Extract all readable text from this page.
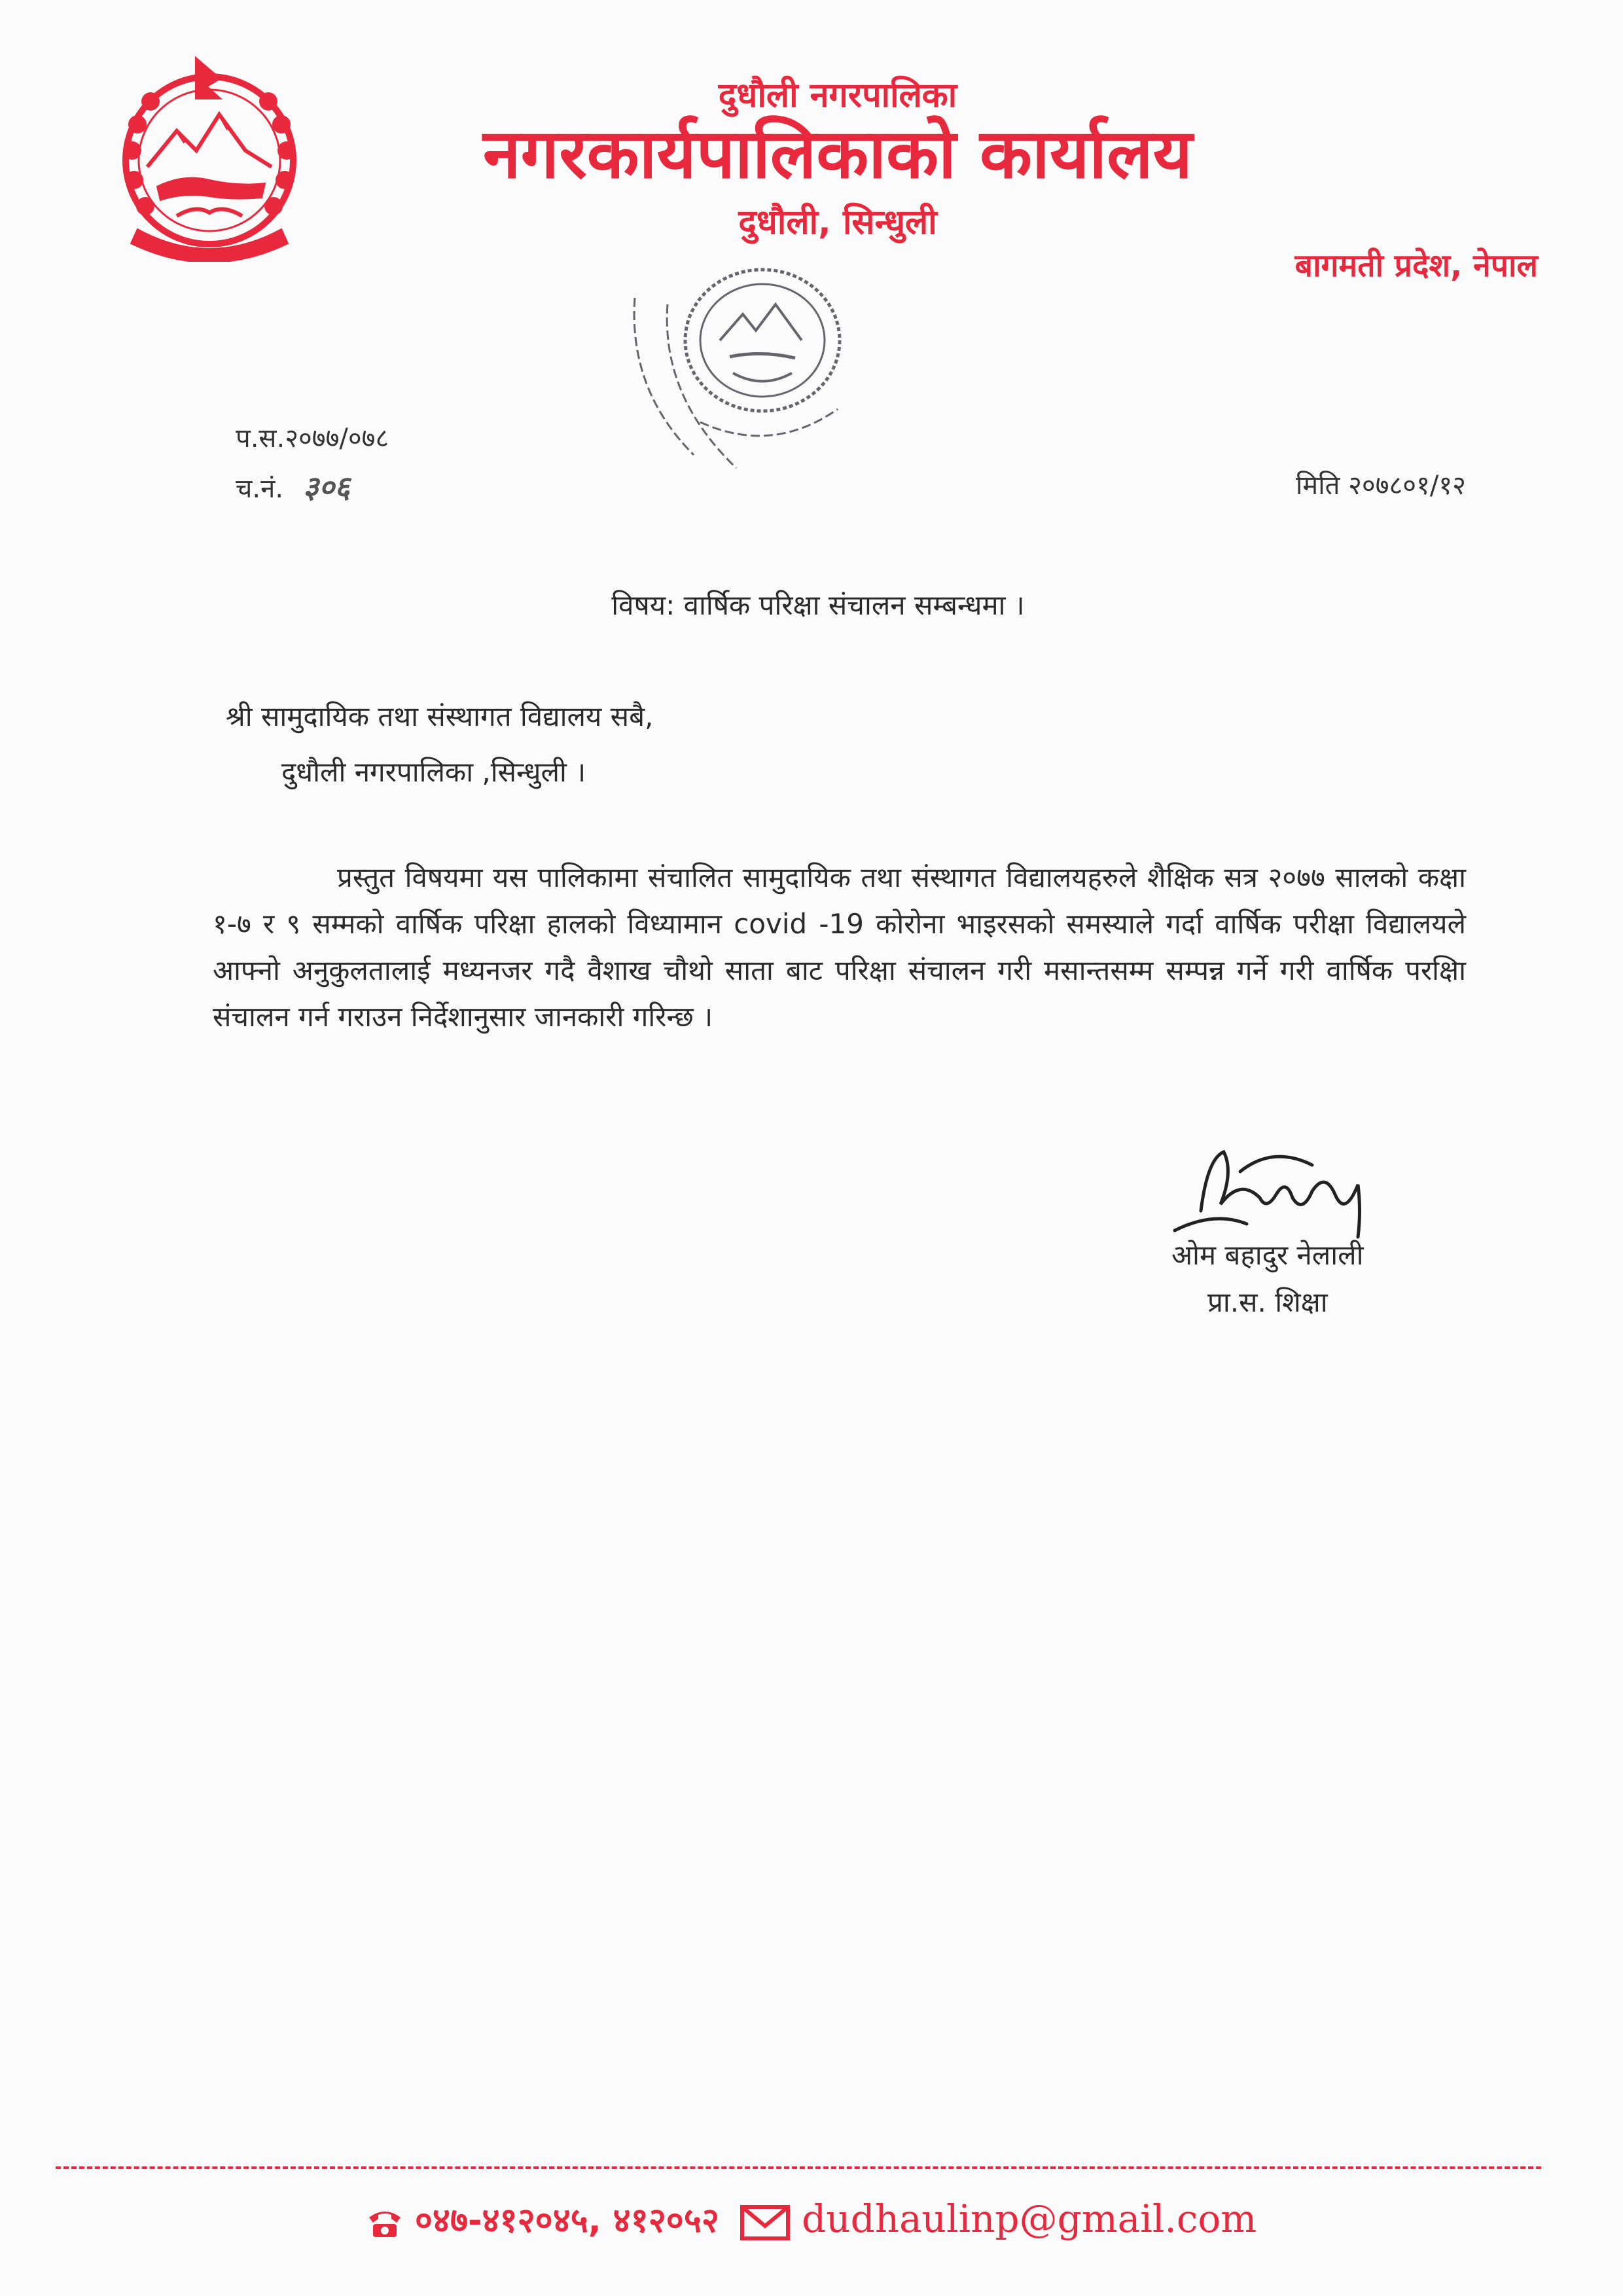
दुधौली नगरपालिका
नगरकार्यपालिकाको कार्यालय
दुधौली, सिन्धुली
बागमती प्रदेश, नेपाल
प.स.२०७७/०७८
च.नं. ३०६	मिति २०७८०१/१२
विषय: वार्षिक परिक्षा संचालन सम्बन्धमा ।
श्री सामुदायिक तथा संस्थागत विद्यालय सबै,
दुधौली नगरपालिका ,सिन्धुली ।
प्रस्तुत विषयमा यस पालिकामा संचालित सामुदायिक तथा संस्थागत विद्यालयहरुले शैक्षिक सत्र २०७७ सालको कक्षा १-७ र ९ सम्मको वार्षिक परिक्षा हालको विध्यामान covid -19 कोरोना भाइरसको समस्याले गर्दा वार्षिक परीक्षा विद्यालयले आफ्नो अनुकुलतालाई मध्यनजर गदै वैशाख चौथो साता बाट परिक्षा संचालन गरी मसान्तसम्म सम्पन्न गर्ने गरी वार्षिक परक्षिा संचालन गर्न गराउन निर्देशानुसार जानकारी गरिन्छ ।
ओम बहादुर नेलाली
प्रा.स. शिक्षा
०४७-४१२०४५, ४१२०५२ dudhaulinp@gmail.com
